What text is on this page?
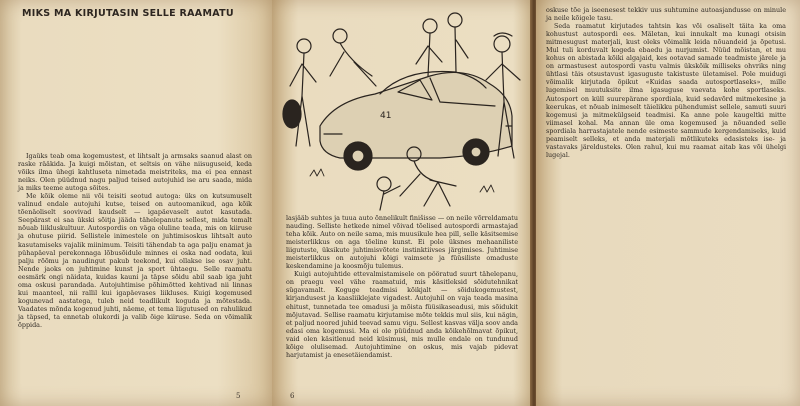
MIKS MA KIRJUTASIN SELLE RAAMATU

Igaüks teab oma kogemustest, et lihtsalt ja armsaks saanud alast on raske rääkida. Ja kuigi mõistan, et seltsis on vähe niisuguseid, keda võiks ilma ühegi kahtluseta nimetada meistriteks, ma ei pea ennast neiks. Olen püüdnud nagu paljud teised autojuhid ise aru saada, mida ja miks teeme autoga sõites.

Me kõik oleme nii või teisiti seotud autoga: üks on kutsumuselt valinud endale autojuhi kutse, teised on autoomanikud, aga kõik tõenäoliselt soovivad kaudselt — igapäevaselt autot kasutada. Seepärast ei saa ükski sõitja jääda tähelepanuta sellest, mida temalt nõuab liikluskultuur. Autospordis on väga oluline teada, mis on kiiruse ja ohutuse piirid. Sellistele inimestele on juhtimisoskus lihtsalt auto kasutamiseks vajalik miinimum. Teisiti tähendab ta aga palju enamat ja pühapäeval perekonnaga lõbusõidule minnes ei oska nad oodata, kui palju rõõmu ja naudingut pakub teekond, kui ollakse ise osav juht. Nende jaoks on juhtimine kunst ja sport ühtaegu. Selle raamatu eesmärk ongi näidata, kuidas kauni ja täpse sõidu abil saab iga juht oma oskusi parandada. Autojuhtimise põhimõtted kehtivad nii linnas kui maanteel, nii rallil kui igapäevases liikluses. Kuigi kogemused kogunevad aastatega, tuleb neid teadlikult koguda ja mõtestada. Vaadates mõnda kogenud juhti, näeme, et tema liigutused on rahulikud ja täpsed, ta ennetab olukordi ja valib õige kiiruse. Seda on võimalik õppida.

5
41

lasjääb suhtes ja tuua auto õnnelikult finišisse — on neile võrreldamatu nauding. Selliste hetkede nimel võivad tõelised autospordi armastajad teha kõik. Auto on neile sama, mis muusikule hea pill, selle käsitsemise meisterlikkus on aga tõeline kunst. Ei pole üksnes mehaaniliste liigutuste, üksikute juhtimisvõtete instinktiivses järgimises. Juhtimise meisterlikkus on autojuhi kõigi vaimsete ja füüsiliste omaduste keskendamine ja koosmõju tulemus.

Kuigi autojuhtide ettevalmistamisele on pööratud suurt tähelepanu, on praegu veel vähe raamatuid, mis käsitleksid sõidutehnikat sügavamalt. Koguge teadmisi kõikjalt — sõidukogemustest, kirjandusest ja kaasliiklejate vigadest. Autojuhil on vaja teada masina ehitust, tunnetada tee omadusi ja mõista füüsikaseadusi, mis sõidukit mõjutavad. Sellise raamatu kirjutamise mõte tekkis mul siis, kui nägin, et paljud noored juhid teevad samu vigu. Sellest kasvas välja soov anda edasi oma kogemusi. Ma ei ole püüdnud anda kõikehõlmavat õpikut, vaid olen käsitlenud neid küsimusi, mis mulle endale on tundunud kõige olulisemad. Autojuhtimine on oskus, mis vajab pidevat harjutamist ja enesetäiendamist.

6

oskuse tõe ja iseenesest tekkiv uus suhtumine autoasjandusse on minule ja neile kõigele tasu.

Seda raamatut kirjutades tahtsin kas või osaliselt täita ka oma kohustust autospordi ees. Mäletan, kui innukalt ma kunagi otsisin mitmesugust materjali, kust oleks võimalik leida nõuandeid ja õpetusi. Mul tuli korduvalt kogeda ebaedu ja nurjumist. Nüüd mõistan, et mu kohus on abistada kõiki algajaid, kes ootavad samade teadmiste järele ja on armastusest autospordi vastu valmis ükskõik milliseks ohvriks ning ühtlasi täis otsustavust igasuguste takistuste ületamisel. Pole muidugi võimalik kirjutada õpikut «Kuidas saada autosportlaseks», mille lugemisel muutuksite ilma igasuguse vaevata kohe sportlaseks. Autosport on küll suurepärane spordiala, kuid sedavõrd mitmekesine ja keerukas, et nõuab inimeselt täielikku pühendumist sellele, samuti suuri kogemusi ja mitmekülgseid teadmisi. Ka anne pole kaugeltki mitte viimasel kohal. Ma annan üle oma kogemused ja nõuanded selle spordiala harrastajatele nende esimeste sammude kergendamiseks, kuid peamiselt selleks, et anda materjali mõtlikuteks edasisteks ise- ja vastavaks järeldusteks. Olen rahul, kui mu raamat aitab kas või ühelgi lugejal.
